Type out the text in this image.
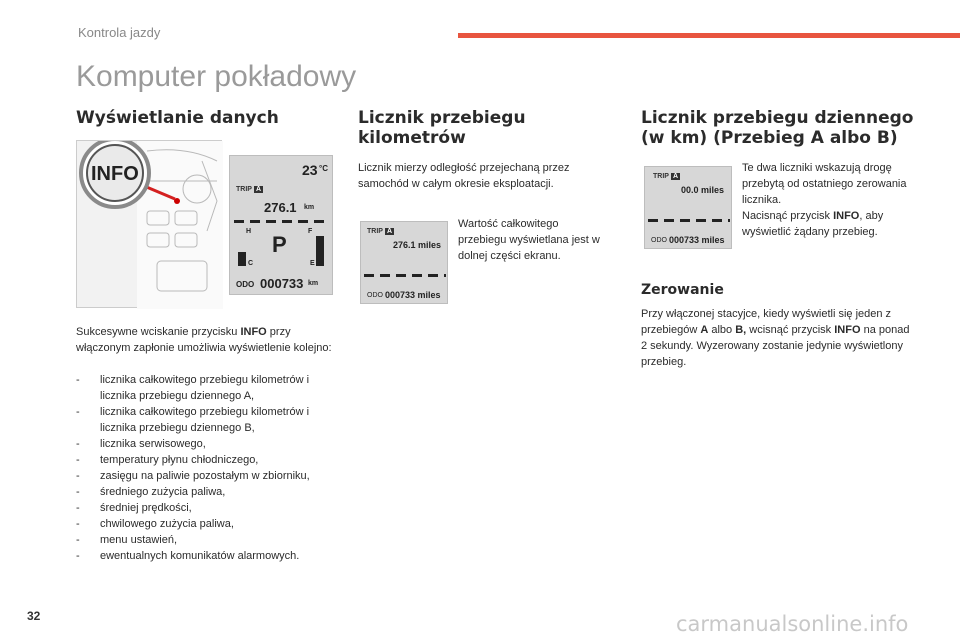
Kontrola jazdy
Komputer pokładowy
Wyświetlanie danych
INFO	23 °C
TRIP A
276.1 km
H
C
F
E
P
ODO 000733 km

Sukcesywne wciskanie przycisku INFO przy włączonym zapłonie umożliwia wyświetlenie kolejno:

- licznika całkowitego przebiegu kilometrów i licznika przebiegu dziennego A,
- licznika całkowitego przebiegu kilometrów i licznika przebiegu dziennego B,
- licznika serwisowego,
- temperatury płynu chłodniczego,
- zasięgu na paliwie pozostałym w zbiorniku,
- średniego zużycia paliwa,
- średniej prędkości,
- chwilowego zużycia paliwa,
- menu ustawień,
- ewentualnych komunikatów alarmowych.
Licznik przebiegu
kilometrów

Licznik mierzy odległość przejechaną przez samochód w całym okresie eksploatacji.

TRIP A
276.1 miles
ODO 000733 miles

Wartość całkowitego przebiegu wyświetlana jest w dolnej części ekranu.

Licznik przebiegu dziennego
(w km) (Przebieg A albo B)
TRIP A
00.0 miles
ODO 000733 miles

Te dwa liczniki wskazują drogę przebytą od ostatniego zerowania licznika.
Nacisnąć przycisk INFO, aby wyświetlić żądany przebieg.

Zerowanie

Przy włączonej stacyjce, kiedy wyświetli się jeden z przebiegów A albo B, wcisnąć przycisk INFO na ponad 2 sekundy. Wyzerowany zostanie jedynie wyświetlony przebieg.

32	carmanualsonline.info
